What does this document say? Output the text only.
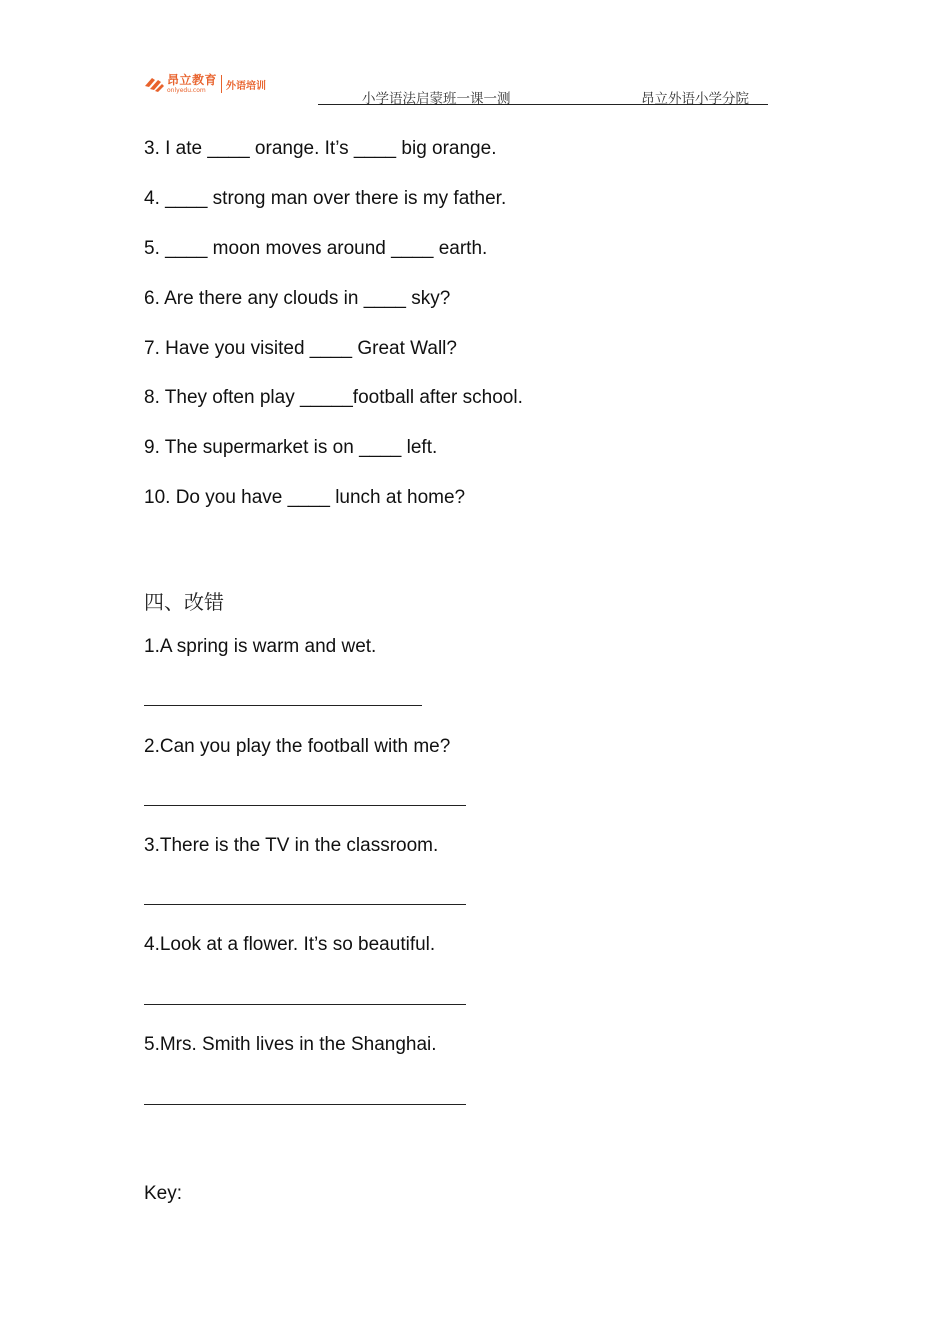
昂立教育
onlyedu.com	外语培训
小学语法启蒙班一课一测	昂立外语小学分院
3. I ate ____ orange. It’s ____ big orange.
4. ____ strong man over there is my father.
5. ____ moon moves around ____ earth.
6. Are there any clouds in ____ sky?
7. Have you visited ____ Great Wall?
8. They often play _____football after school.
9. The supermarket is on ____ left.
10. Do you have ____ lunch at home?
四、改错
1.A spring is warm and wet.
2.Can you play the football with me?
3.There is the TV in the classroom.
4.Look at a flower. It’s so beautiful.
5.Mrs. Smith lives in the Shanghai.
Key:
